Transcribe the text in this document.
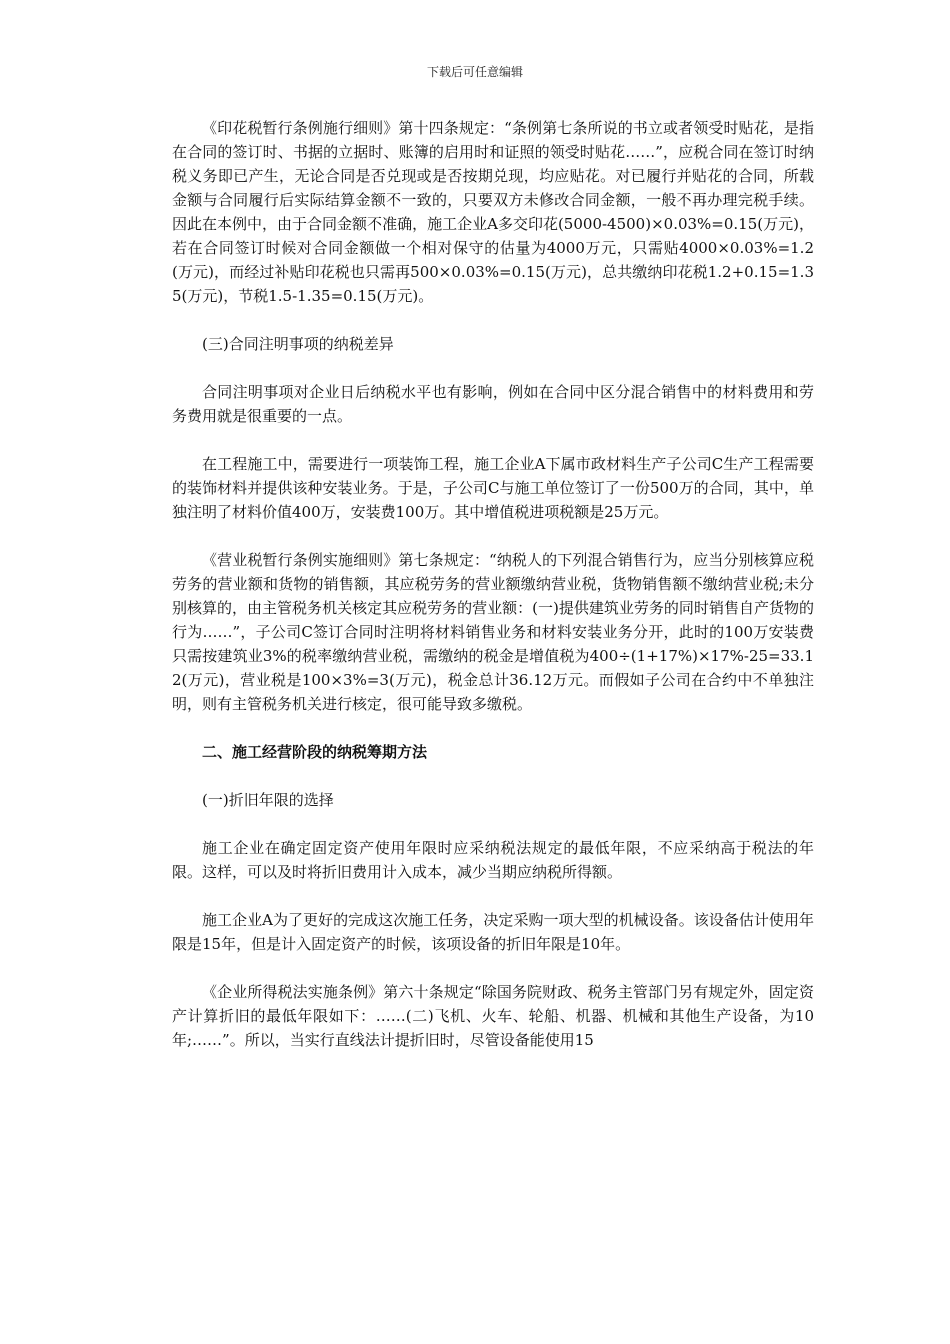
下载后可任意编辑

《印花税暂行条例施行细则》第十四条规定：“条例第七条所说的书立或者领受时贴花，是指在合同的签订时、书据的立据时、账簿的启用时和证照的领受时贴花……”，应税合同在签订时纳税义务即已产生，无论合同是否兑现或是否按期兑现，均应贴花。对已履行并贴花的合同，所载金额与合同履行后实际结算金额不一致的，只要双方未修改合同金额，一般不再办理完税手续。因此在本例中，由于合同金额不准确，施工企业A多交印花(5000-4500)×0.03%=0.15(万元)，若在合同签订时候对合同金额做一个相对保守的估量为4000万元，只需贴4000×0.03%=1.2(万元)，而经过补贴印花税也只需再500×0.03%=0.15(万元)，总共缴纳印花税1.2+0.15=1.35(万元)，节税1.5-1.35=0.15(万元)。

(三)合同注明事项的纳税差异

合同注明事项对企业日后纳税水平也有影响，例如在合同中区分混合销售中的材料费用和劳务费用就是很重要的一点。

在工程施工中，需要进行一项装饰工程，施工企业A下属市政材料生产子公司C生产工程需要的装饰材料并提供该种安装业务。于是，子公司C与施工单位签订了一份500万的合同，其中，单独注明了材料价值400万，安装费100万。其中增值税进项税额是25万元。

《营业税暂行条例实施细则》第七条规定：“纳税人的下列混合销售行为，应当分别核算应税劳务的营业额和货物的销售额，其应税劳务的营业额缴纳营业税，货物销售额不缴纳营业税;未分别核算的，由主管税务机关核定其应税劳务的营业额：(一)提供建筑业劳务的同时销售自产货物的行为……”，子公司C签订合同时注明将材料销售业务和材料安装业务分开，此时的100万安装费只需按建筑业3%的税率缴纳营业税，需缴纳的税金是增值税为400÷(1+17%)×17%-25=33.12(万元)，营业税是100×3%=3(万元)，税金总计36.12万元。而假如子公司在合约中不单独注明，则有主管税务机关进行核定，很可能导致多缴税。

二、施工经营阶段的纳税筹期方法

(一)折旧年限的选择

施工企业在确定固定资产使用年限时应采纳税法规定的最低年限，不应采纳高于税法的年限。这样，可以及时将折旧费用计入成本，减少当期应纳税所得额。

施工企业A为了更好的完成这次施工任务，决定采购一项大型的机械设备。该设备估计使用年限是15年，但是计入固定资产的时候，该项设备的折旧年限是10年。

《企业所得税法实施条例》第六十条规定“除国务院财政、税务主管部门另有规定外，固定资产计算折旧的最低年限如下：……(二)飞机、火车、轮船、机器、机械和其他生产设备，为10年;……”。所以，当实行直线法计提折旧时，尽管设备能使用15
